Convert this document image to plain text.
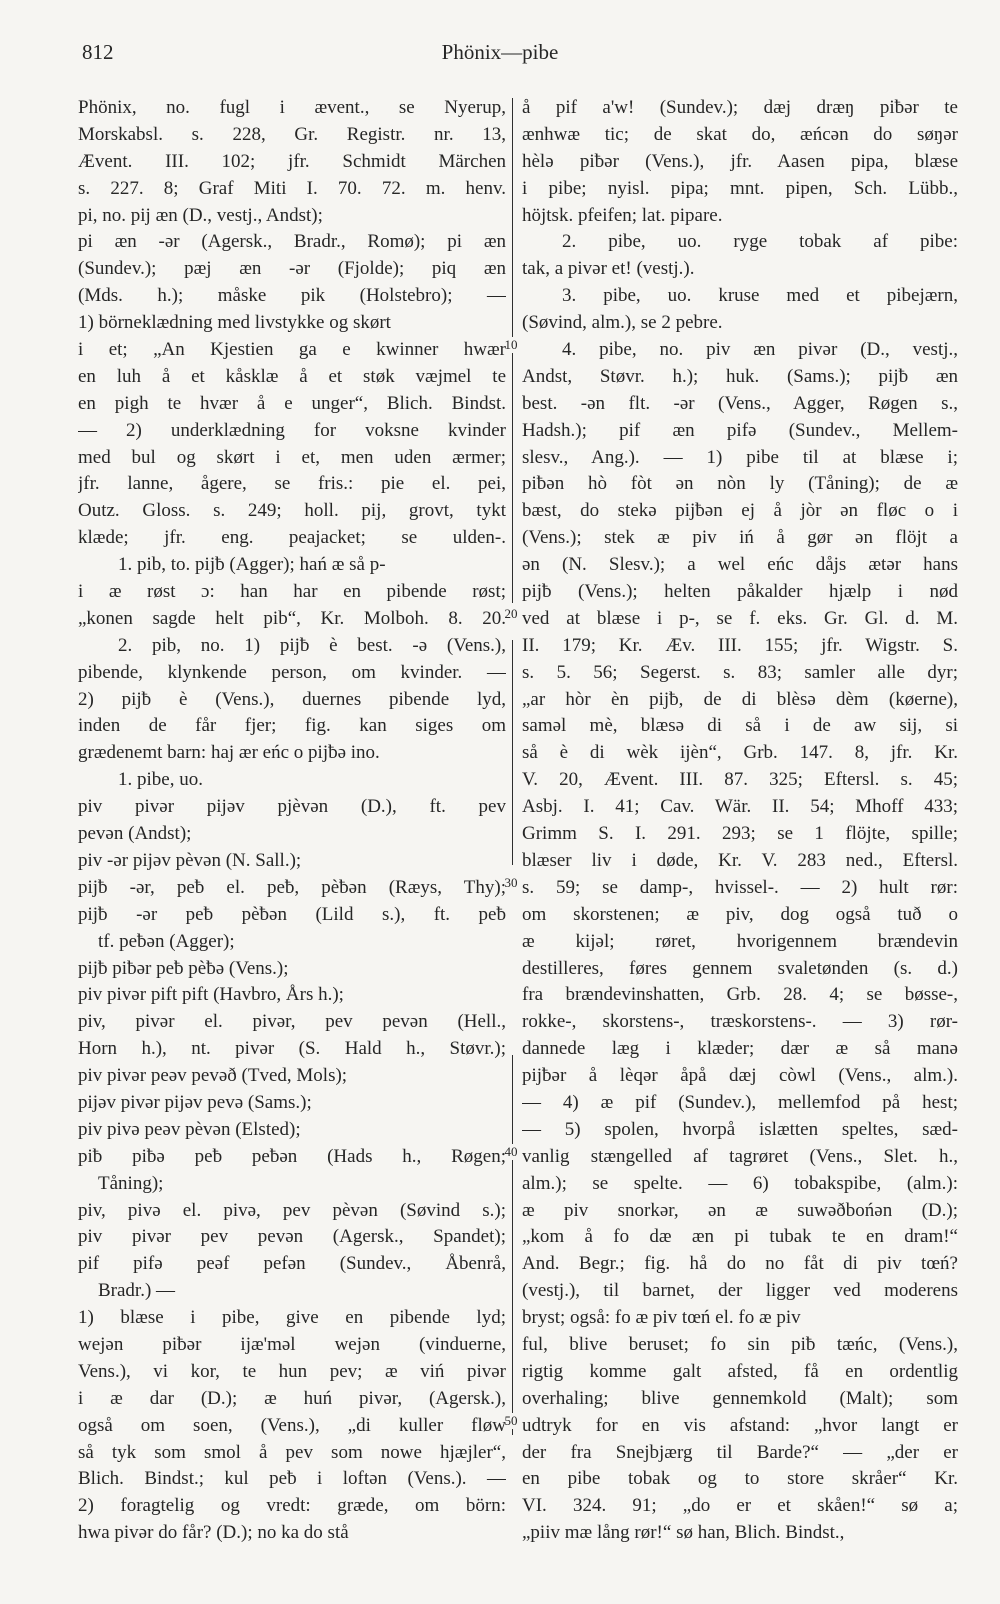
812	Phönix—pibe
10
20
30
40
50
Phönix, no. fugl i ævent., se Nyerup,
Morskabsl. s. 228, Gr. Registr. nr. 13,
Ævent. III. 102; jfr. Schmidt Märchen
s. 227. 8; Graf Miti I. 70. 72. m. henv.
pi, no. pij æn (D., vestj., Andst);
pi æn -ər (Agersk., Bradr., Romø); pi æn
(Sundev.); pæj æn -ər (Fjolde); piq æn
(Mds. h.); måske pik (Holstebro); —
1) börneklædning med livstykke og skørt
i et; „An Kjestien ga e kwinner hwær
en luh å et kåsklæ å et støk væjmel te
en pigh te hvær å e unger“, Blich. Bindst.
— 2) underklædning for voksne kvinder
med bul og skørt i et, men uden ærmer;
jfr. lanne, ågere, se fris.: pie el. pei,
Outz. Gloss. s. 249; holl. pij, grovt, tykt
klæde; jfr. eng. peajacket; se ulden-.
1. pib, to. pijƀ (Agger); hań æ så p-
i æ røst ɔ: han har en pibende røst;
„konen sagde helt pib“, Kr. Molboh. 8. 20.
2. pib, no. 1) pijƀ è best. -ə (Vens.),
pibende, klynkende person, om kvinder. —
2) pijƀ è (Vens.), duernes pibende lyd,
inden de får fjer; fig. kan siges om
grædenemt barn: haj ær eńc o pijƀə ino.
1. pibe, uo.
piv pivər pijəv pjèvən (D.), ft. pev
pevən (Andst);
piv -ər pijəv pèvən (N. Sall.);
pijƀ -ər, peƀ el. peƀ, pèƀən (Ræys, Thy);
pijƀ -ər peƀ pèƀən (Lild s.), ft. peƀ
tf. peƀən (Agger);
pijƀ piƀər peƀ pèƀə (Vens.);
piv pivər pift pift (Havbro, Års h.);
piv, pivər el. pivər, pev pevən (Hell.,
Horn h.), nt. pivər (S. Hald h., Støvr.);
piv pivər peəv pevəð (Tved, Mols);
pijəv pivər pijəv pevə (Sams.);
piv pivə peəv pèvən (Elsted);
piƀ piƀə peƀ peƀən (Hads h., Røgen;
Tåning);
piv, pivə el. pivə, pev pèvən (Søvind s.);
piv pivər pev pevən (Agersk., Spandet);
pif pifə peəf pefən (Sundev., Åbenrå,
Bradr.) —
1) blæse i pibe, give en pibende lyd;
wejən piƀər ijæ'məl wejən (vinduerne,
Vens.), vi kor, te hun pev; æ viń pivər
i æ dar (D.); æ huń pivər, (Agersk.),
også om soen, (Vens.), „di kuller fløw
så tyk som smol å pev som nowe hjæjler“,
Blich. Bindst.; kul peƀ i loftən (Vens.). —
2) foragtelig og vredt: græde, om börn:
hwa pivər do får? (D.); no ka do stå
å pif a'w! (Sundev.); dæj dræŋ piƀər te
ænhwæ tic; de skat do, æńcən do søŋər
hèlə piƀər (Vens.), jfr. Aasen pipa, blæse
i pibe; nyisl. pipa; mnt. pipen, Sch. Lübb.,
höjtsk. pfeifen; lat. pipare.
2. pibe, uo. ryge tobak af pibe:
tak, a pivər et! (vestj.).
3. pibe, uo. kruse med et pibejærn,
(Søvind, alm.), se 2 pebre.
4. pibe, no. piv æn pivər (D., vestj.,
Andst, Støvr. h.); huk. (Sams.); pijƀ æn
best. -ən flt. -ər (Vens., Agger, Røgen s.,
Hadsh.); pif æn pifə (Sundev., Mellem-
slesv., Ang.). — 1) pibe til at blæse i;
piƀən hò fòt ən nòn ly (Tåning); de æ
bæst, do stekə pijƀən ej å jòr ən fløc o i
(Vens.); stek æ piv iń å gør ən flöjt a
ən (N. Slesv.); a wel eńc dåjs ætər hans
pijƀ (Vens.); helten påkalder hjælp i nød
ved at blæse i p-, se f. eks. Gr. Gl. d. M.
II. 179; Kr. Æv. III. 155; jfr. Wigstr. S.
s. 5. 56; Segerst. s. 83; samler alle dyr;
„ar hòr èn pijƀ, de di blèsə dèm (køerne),
saməl mè, blæsə di så i de aw sij, si
så è di wèk ijèn“, Grb. 147. 8, jfr. Kr.
V. 20, Ævent. III. 87. 325; Eftersl. s. 45;
Asbj. I. 41; Cav. Wär. II. 54; Mhoff 433;
Grimm S. I. 291. 293; se 1 flöjte, spille;
blæser liv i døde, Kr. V. 283 ned., Eftersl.
s. 59; se damp-, hvissel-. — 2) hult rør:
om skorstenen; æ piv, dog også tuð o
æ kijəl; røret, hvorigennem brændevin
destilleres, føres gennem svaletønden (s. d.)
fra brændevinshatten, Grb. 28. 4; se bøsse-,
rokke-, skorstens-, træskorstens-. — 3) rør-
dannede læg i klæder; dær æ så manə
pijƀər å lèqər åpå dæj còwl (Vens., alm.).
— 4) æ pif (Sundev.), mellemfod på hest;
— 5) spolen, hvorpå islætten speltes, sæd-
vanlig stængelled af tagrøret (Vens., Slet. h.,
alm.); se spelte. — 6) tobakspibe, (alm.):
æ piv snorkər, ən æ suwəðbońən (D.);
„kom å fo dæ æn pi tubak te en dram!“
And. Begr.; fig. hå do no fåt di piv tœń?
(vestj.), til barnet, der ligger ved moderens
bryst; også: fo æ piv tœń el. fo æ piv
ful, blive beruset; fo sin piƀ tæńc, (Vens.),
rigtig komme galt afsted, få en ordentlig
overhaling; blive gennemkold (Malt); som
udtryk for en vis afstand: „hvor langt er
der fra Snejbjærg til Barde?“ — „der er
en pibe tobak og to store skråer“ Kr.
VI. 324. 91; „do er et skåen!“ sø a;
„piiv mæ lång rør!“ sø han, Blich. Bindst.,
